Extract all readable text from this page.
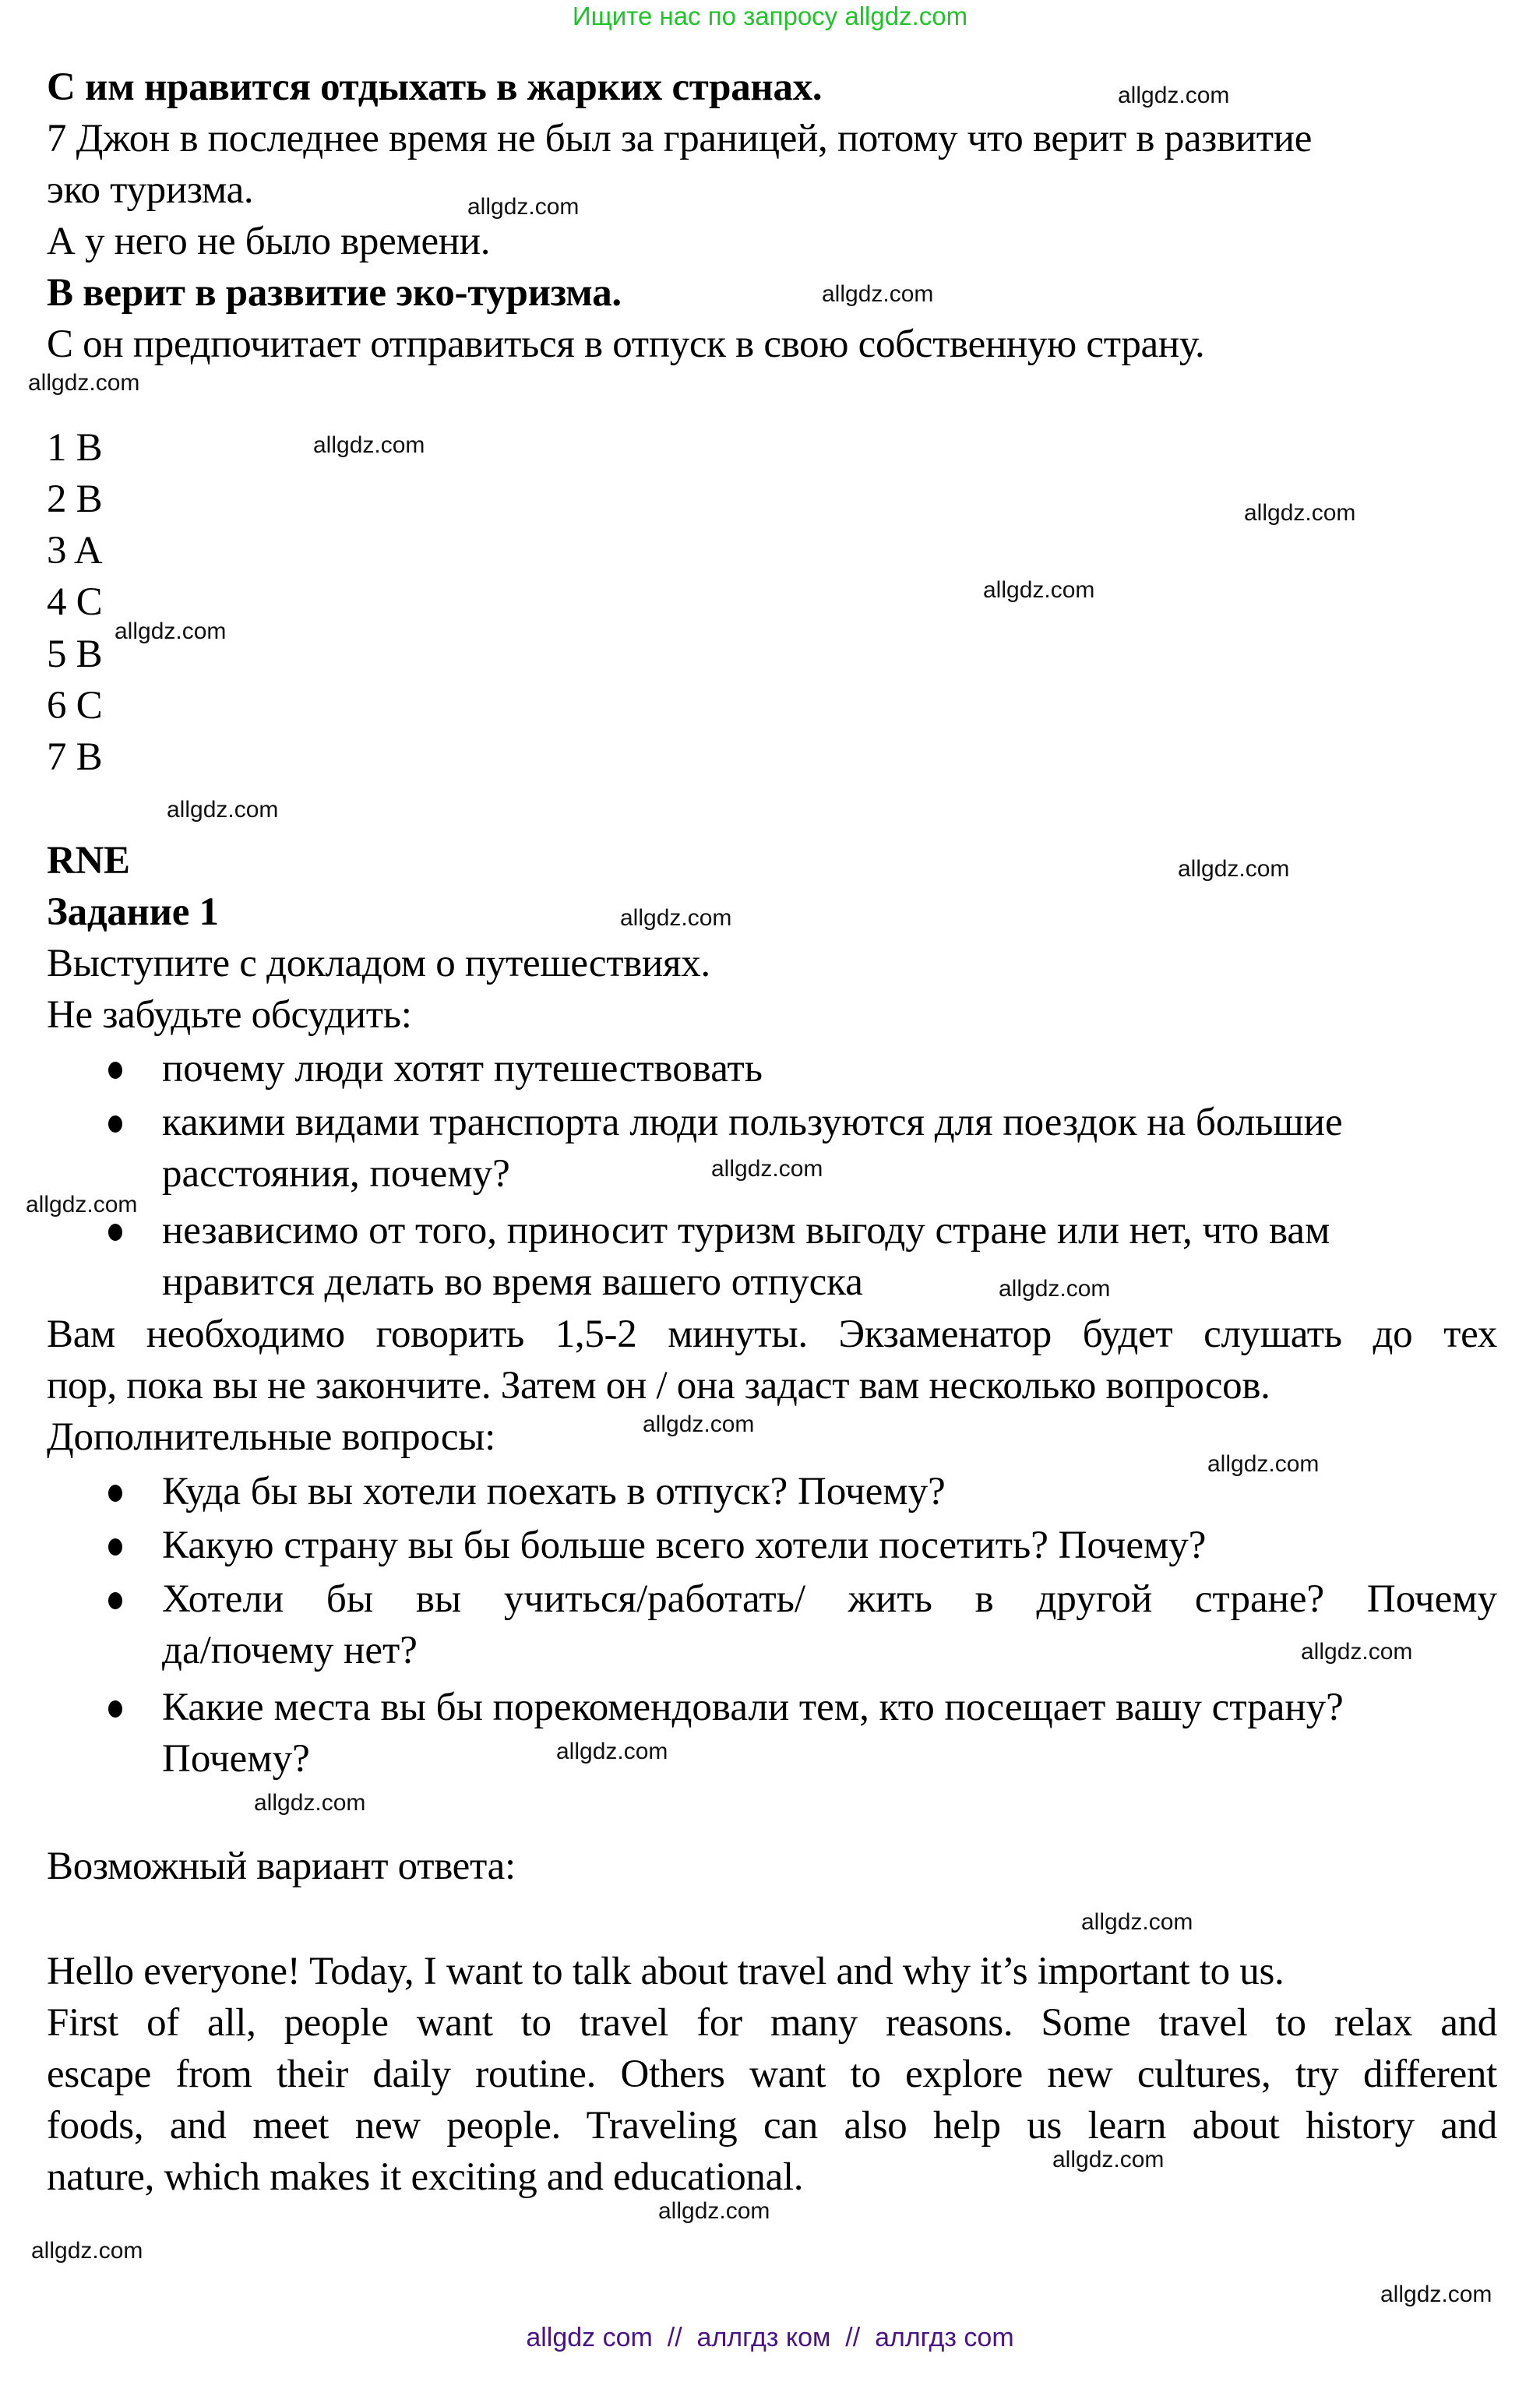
Ищите нас по запросу allgdz.com
С им нравится отдыхать в жарких странах.
7 Джон в последнее время не был за границей, потому что верит в развитие
эко туризма.
А у него не было времени.
В верит в развитие эко-туризма.
С он предпочитает отправиться в отпуск в свою собственную страну.
1 B
2 B
3 A
4 C
5 B
6 C
7 B
RNE
Задание 1
Выступите с докладом о путешествиях.
Не забудьте обсудить:
почему люди хотят путешествовать
какими видами транспорта люди пользуются для поездок на большие
расстояния, почему?
независимо от того, приносит туризм выгоду стране или нет, что вам
нравится делать во время вашего отпуска
Вам необходимо говорить 1,5-2 минуты. Экзаменатор будет слушать до тех
пор, пока вы не закончите. Затем он / она задаст вам несколько вопросов.
Дополнительные вопросы:
Куда бы вы хотели поехать в отпуск? Почему?
Какую страну вы бы больше всего хотели посетить? Почему?
Хотели бы вы учиться/работать/ жить в другой стране? Почему
да/почему нет?
Какие места вы бы порекомендовали тем, кто посещает вашу страну?
Почему?
Возможный вариант ответа:
Hello everyone! Today, I want to talk about travel and why it’s important to us.
First of all, people want to travel for many reasons. Some travel to relax and
escape from their daily routine. Others want to explore new cultures, try different
foods, and meet new people. Traveling can also help us learn about history and
nature, which makes it exciting and educational.
allgdz.com
allgdz.com
allgdz.com
allgdz.com
allgdz.com
allgdz.com
allgdz.com
allgdz.com
allgdz.com
allgdz.com
allgdz.com
allgdz.com
allgdz.com
allgdz.com
allgdz.com
allgdz.com
allgdz.com
allgdz.com
allgdz.com
allgdz.com
allgdz.com
allgdz.com
allgdz.com
allgdz.com
allgdz com  //  аллгдз ком  //  аллгдз com
